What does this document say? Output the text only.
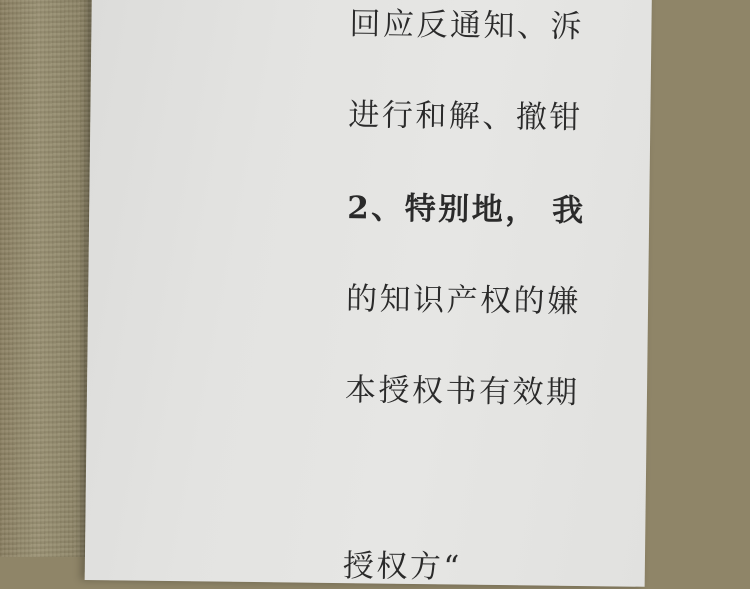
回应反通知、泝
进行和解、撤钳
2、特别地， 我
的知识产权的嫌
本授权书有效期
授权方“
